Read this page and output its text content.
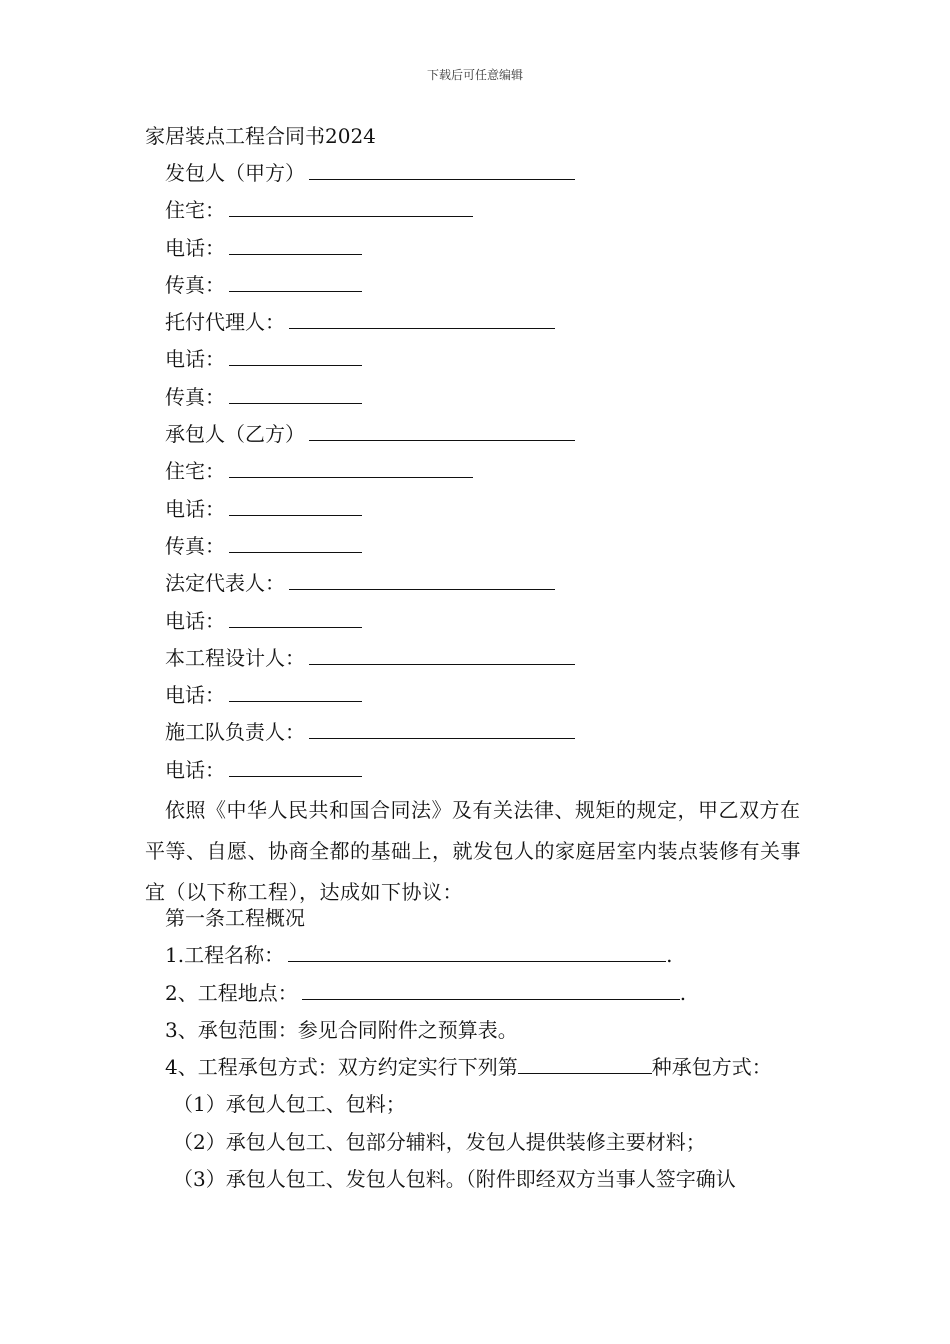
下载后可任意编辑
家居装点工程合同书2024
发包人（甲方）
住宅：
电话：
传真：
托付代理人：
电话：
传真：
承包人（乙方）
住宅：
电话：
传真：
法定代表人：
电话：
本工程设计人：
电话：
施工队负责人：
电话：
依照《中华人民共和国合同法》及有关法律、规矩的规定，甲乙双方在平等、自愿、协商全都的基础上，就发包人的家庭居室内装点装修有关事宜（以下称工程），达成如下协议：
第一条工程概况
1.工程名称：	.
2、工程地点：	.
3、承包范围：参见合同附件之预算表。
4、工程承包方式：双方约定实行下列第	种承包方式：
（1）承包人包工、包料；
（2）承包人包工、包部分辅料，发包人提供装修主要材料；
（3）承包人包工、发包人包料。（附件即经双方当事人签字确认
